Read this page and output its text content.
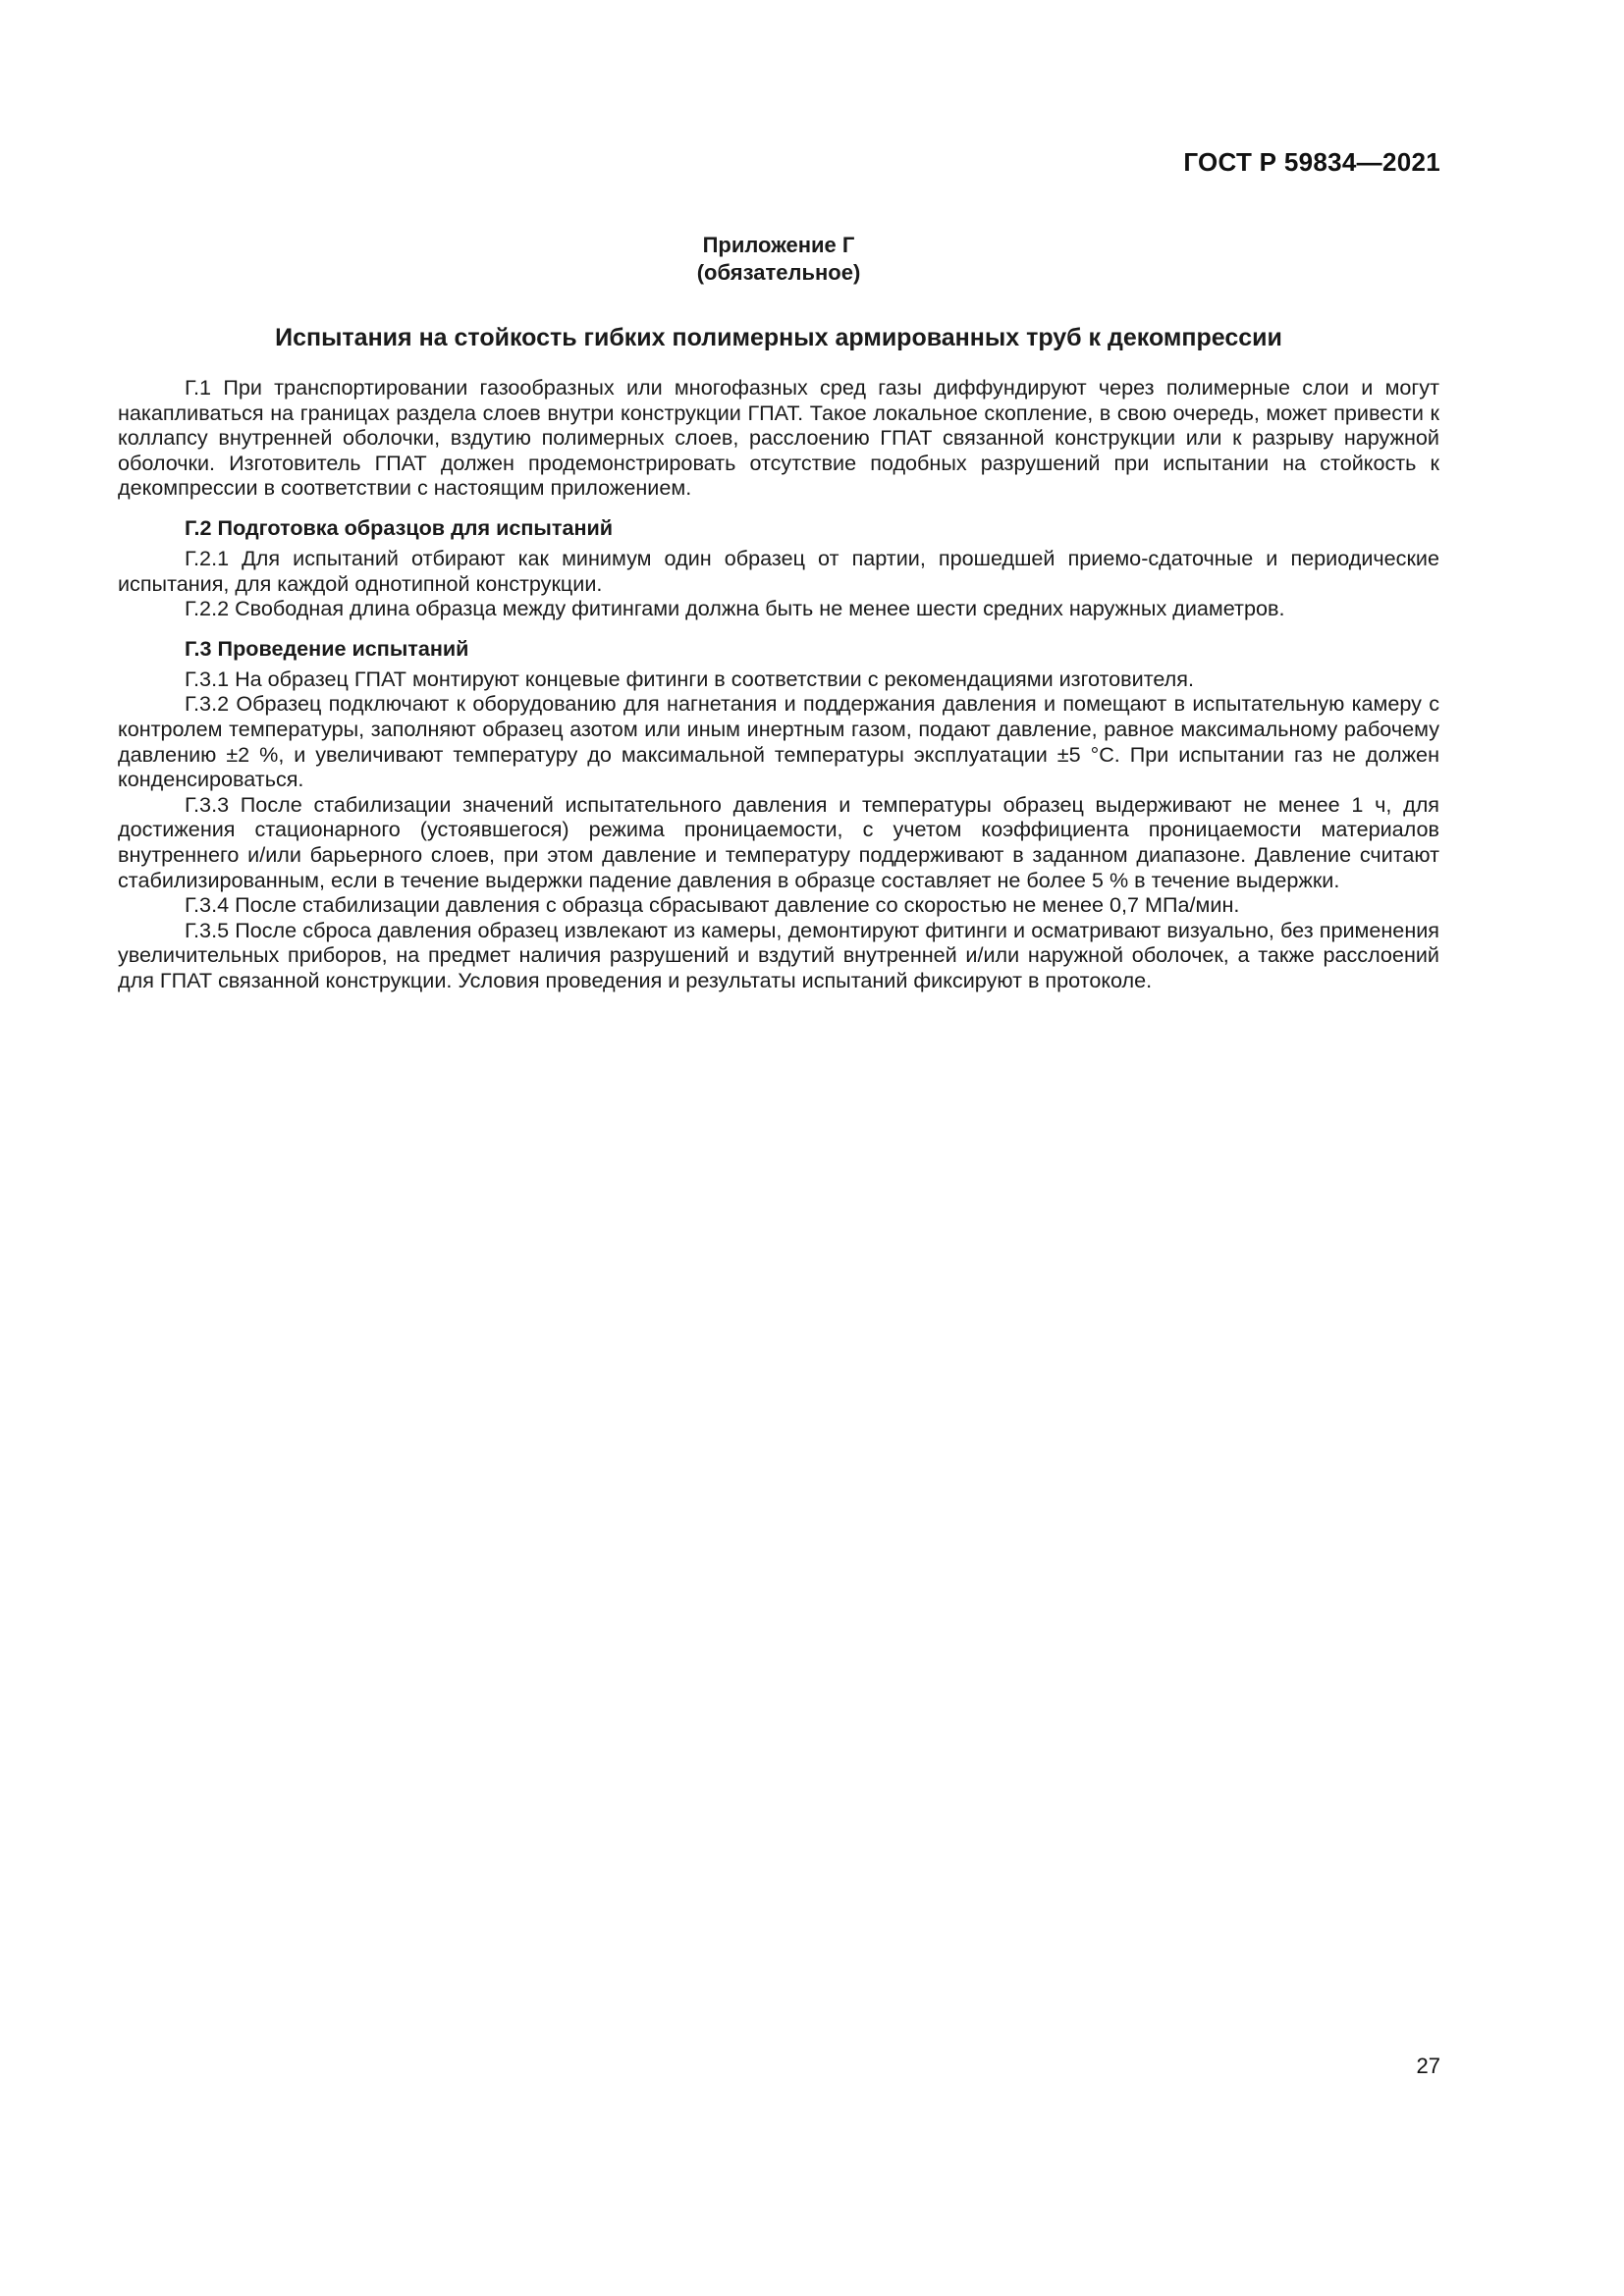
ГОСТ Р 59834—2021
Приложение Г
(обязательное)
Испытания на стойкость гибких полимерных армированных труб к декомпрессии

Г.1 При транспортировании газообразных или многофазных сред газы диффундируют через полимерные слои и могут накапливаться на границах раздела слоев внутри конструкции ГПАТ. Такое локальное скопление, в свою очередь, может привести к коллапсу внутренней оболочки, вздутию полимерных слоев, расслоению ГПАТ связанной конструкции или к разрыву наружной оболочки. Изготовитель ГПАТ должен продемонстрировать отсутствие подобных разрушений при испытании на стойкость к декомпрессии в соответствии с настоящим приложением.

Г.2 Подготовка образцов для испытаний

Г.2.1 Для испытаний отбирают как минимум один образец от партии, прошедшей приемо-сдаточные и периодические испытания, для каждой однотипной конструкции.

Г.2.2 Свободная длина образца между фитингами должна быть не менее шести средних наружных диаметров.

Г.3 Проведение испытаний

Г.3.1 На образец ГПАТ монтируют концевые фитинги в соответствии с рекомендациями изготовителя.

Г.3.2 Образец подключают к оборудованию для нагнетания и поддержания давления и помещают в испытательную камеру с контролем температуры, заполняют образец азотом или иным инертным газом, подают давление, равное максимальному рабочему давлению ±2 %, и увеличивают температуру до максимальной температуры эксплуатации ±5 °С. При испытании газ не должен конденсироваться.

Г.3.3 После стабилизации значений испытательного давления и температуры образец выдерживают не менее 1 ч, для достижения стационарного (устоявшегося) режима проницаемости, с учетом коэффициента проницаемости материалов внутреннего и/или барьерного слоев, при этом давление и температуру поддерживают в заданном диапазоне. Давление считают стабилизированным, если в течение выдержки падение давления в образце составляет не более 5 % в течение выдержки.

Г.3.4 После стабилизации давления с образца сбрасывают давление со скоростью не менее 0,7 МПа/мин.

Г.3.5 После сброса давления образец извлекают из камеры, демонтируют фитинги и осматривают визуально, без применения увеличительных приборов, на предмет наличия разрушений и вздутий внутренней и/или наружной оболочек, а также расслоений для ГПАТ связанной конструкции. Условия проведения и результаты испытаний фиксируют в протоколе.

27
